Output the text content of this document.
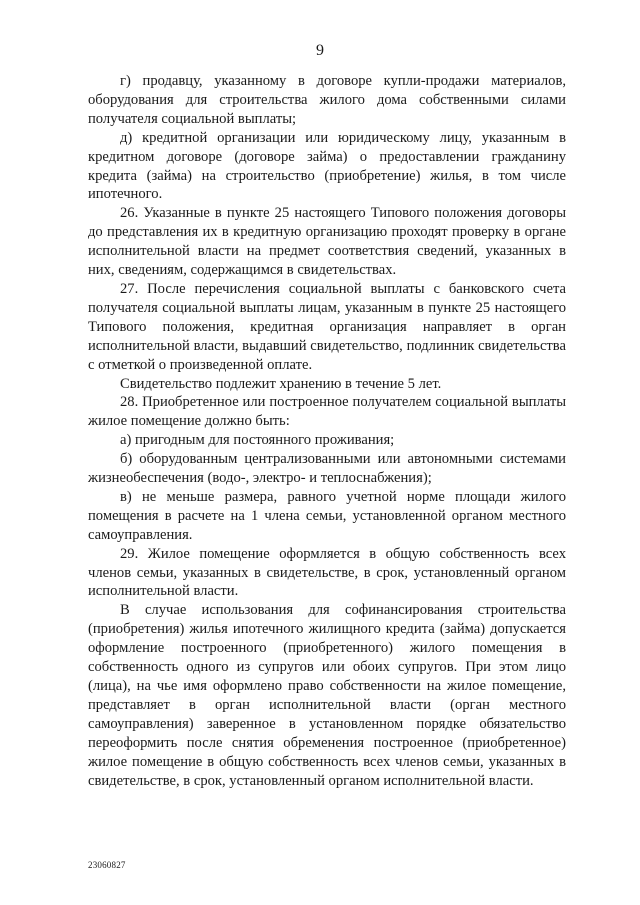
9

г) продавцу, указанному в договоре купли-продажи материалов, оборудования для строительства жилого дома собственными силами получателя социальной выплаты;

д) кредитной организации или юридическому лицу, указанным в кредитном договоре (договоре займа) о предоставлении гражданину кредита (займа) на строительство (приобретение) жилья, в том числе ипотечного.

26. Указанные в пункте 25 настоящего Типового положения договоры до представления их в кредитную организацию проходят проверку в органе исполнительной власти на предмет соответствия сведений, указанных в них, сведениям, содержащимся в свидетельствах.

27. После перечисления социальной выплаты с банковского счета получателя социальной выплаты лицам, указанным в пункте 25 настоящего Типового положения, кредитная организация направляет в орган исполнительной власти, выдавший свидетельство, подлинник свидетельства с отметкой о произведенной оплате.

Свидетельство подлежит хранению в течение 5 лет.

28. Приобретенное или построенное получателем социальной выплаты жилое помещение должно быть:

а) пригодным для постоянного проживания;

б) оборудованным централизованными или автономными системами жизнеобеспечения (водо-, электро- и теплоснабжения);

в) не меньше размера, равного учетной норме площади жилого помещения в расчете на 1 члена семьи, установленной органом местного самоуправления.

29. Жилое помещение оформляется в общую собственность всех членов семьи, указанных в свидетельстве, в срок, установленный органом исполнительной власти.

В случае использования для софинансирования строительства (приобретения) жилья ипотечного жилищного кредита (займа) допускается оформление построенного (приобретенного) жилого помещения в собственность одного из супругов или обоих супругов. При этом лицо (лица), на чье имя оформлено право собственности на жилое помещение, представляет в орган исполнительной власти (орган местного самоуправления) заверенное в установленном порядке обязательство переоформить после снятия обременения построенное (приобретенное) жилое помещение в общую собственность всех членов семьи, указанных в свидетельстве, в срок, установленный органом исполнительной власти.

23060827
